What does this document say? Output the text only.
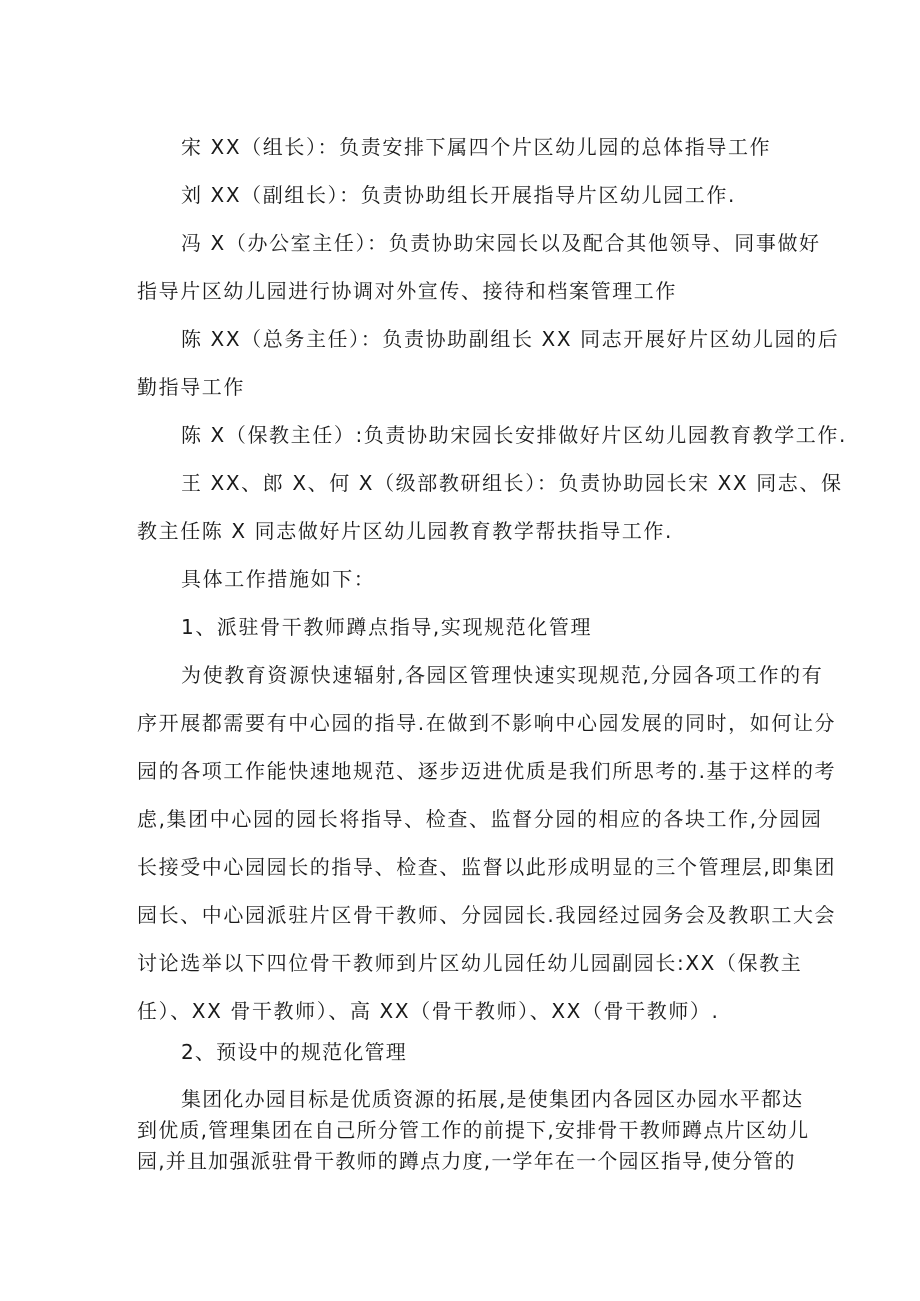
宋 XX（组长）：负责安排下属四个片区幼儿园的总体指导工作

刘 XX（副组长）：负责协助组长开展指导片区幼儿园工作.

冯 X（办公室主任）：负责协助宋园长以及配合其他领导、同事做好

指导片区幼儿园进行协调对外宣传、接待和档案管理工作

陈 XX（总务主任）：负责协助副组长 XX 同志开展好片区幼儿园的后

勤指导工作

陈 X（保教主任）:负责协助宋园长安排做好片区幼儿园教育教学工作.

王 XX、郎 X、何 X（级部教研组长）：负责协助园长宋 XX 同志、保

教主任陈 X 同志做好片区幼儿园教育教学帮扶指导工作.

具体工作措施如下：

1、派驻骨干教师蹲点指导,实现规范化管理

为使教育资源快速辐射,各园区管理快速实现规范,分园各项工作的有

序开展都需要有中心园的指导.在做到不影响中心园发展的同时，如何让分

园的各项工作能快速地规范、逐步迈进优质是我们所思考的.基于这样的考

虑,集团中心园的园长将指导、检查、监督分园的相应的各块工作,分园园

长接受中心园园长的指导、检查、监督以此形成明显的三个管理层,即集团

园长、中心园派驻片区骨干教师、分园园长.我园经过园务会及教职工大会

讨论选举以下四位骨干教师到片区幼儿园任幼儿园副园长:XX（保教主

任）、XX 骨干教师）、高 XX（骨干教师）、XX（骨干教师）.

2、预设中的规范化管理

集团化办园目标是优质资源的拓展,是使集团内各园区办园水平都达

到优质,管理集团在自己所分管工作的前提下,安排骨干教师蹲点片区幼儿

园,并且加强派驻骨干教师的蹲点力度,一学年在一个园区指导,使分管的
